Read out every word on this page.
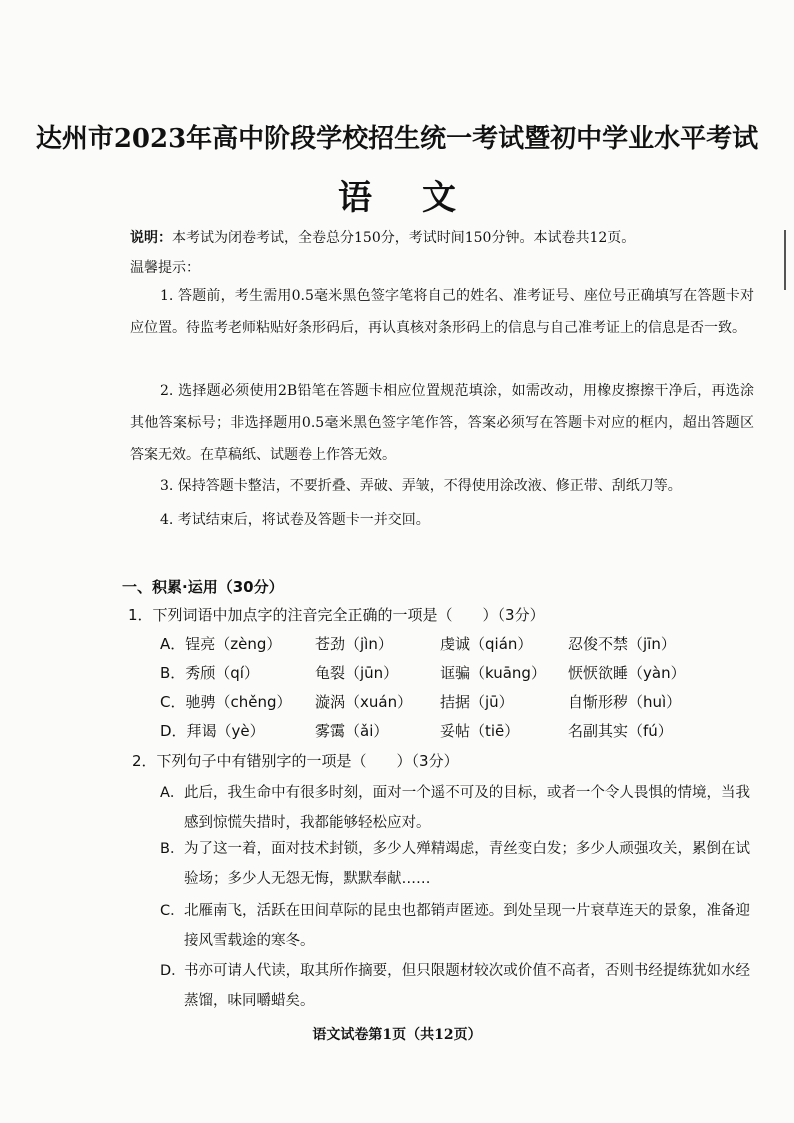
达州市2023年高中阶段学校招生统一考试暨初中学业水平考试
语文
说明：本考试为闭卷考试，全卷总分150分，考试时间150分钟。本试卷共12页。
温馨提示：
1. 答题前，考生需用0.5毫米黑色签字笔将自己的姓名、准考证号、座位号正确填写在答题卡对应位置。待监考老师粘贴好条形码后，再认真核对条形码上的信息与自己准考证上的信息是否一致。
2. 选择题必须使用2B铅笔在答题卡相应位置规范填涂，如需改动，用橡皮擦擦干净后，再选涂其他答案标号；非选择题用0.5毫米黑色签字笔作答，答案必须写在答题卡对应的框内，超出答题区答案无效。在草稿纸、试题卷上作答无效。
3. 保持答题卡整洁，不要折叠、弄破、弄皱，不得使用涂改液、修正带、刮纸刀等。
4. 考试结束后，将试卷及答题卡一并交回。
一、积累·运用（30分）
1．下列词语中加点字的注音完全正确的一项是（　　）（3分）
A．锃亮（zèng） 苍劲（jìn）	虔诚（qián） 忍俊不禁（jīn）
B．秀颀（qí）	龟裂（jūn）	诓骗（kuāng） 恹恹欲睡（yàn）
C．驰骋（chěng） 漩涡（xuán） 拮据（jū）	自惭形秽（huì）
D．拜谒（yè）	雾霭（ǎi）	妥帖（tiē）	名副其实（fú）
2．下列句子中有错别字的一项是（　　）（3分）
A． 此后，我生命中有很多时刻，面对一个遥不可及的目标，或者一个令人畏惧的情境，当我感到惊慌失措时，我都能够轻松应对。
B． 为了这一着，面对技术封锁，多少人殚精竭虑，青丝变白发；多少人顽强攻关，累倒在试验场；多少人无怨无悔，默默奉献……
C． 北雁南飞，活跃在田间草际的昆虫也都销声匿迹。到处呈现一片衰草连天的景象，准备迎接风雪载途的寒冬。
D．
书亦可请人代读，取其所作摘要，但只限题材较次或价值不高者，否则书经提练犹如水经蒸馏，味同嚼蜡矣。
语文试卷第1页（共12页）
